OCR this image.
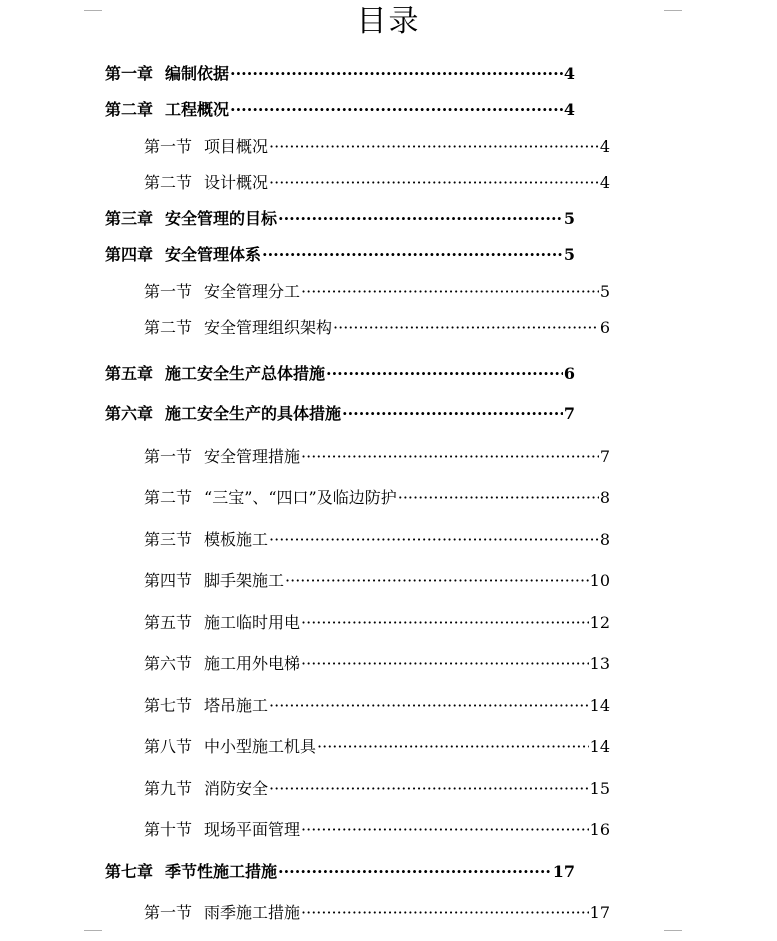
目录
第一章 编制依据 ·····	4
第二章 工程概况 ·····	4
第一节 项目概况 ·····	4
第二节 设计概况 ·····	4
第三章 安全管理的目标 ·····	5
第四章 安全管理体系 ·····	5
第一节 安全管理分工 ·····	5
第二节 安全管理组织架构 ·····	6
第五章 施工安全生产总体措施 ·····	6
第六章 施工安全生产的具体措施 ·····	7
第一节 安全管理措施 ·····	7
第二节 “三宝”、“四口”及临边防护 ·····	8
第三节 模板施工 ·····	8
第四节 脚手架施工 ·····	10
第五节 施工临时用电 ·····	12
第六节 施工用外电梯 ·····	13
第七节 塔吊施工 ·····	14
第八节 中小型施工机具 ·····	14
第九节 消防安全 ·····	15
第十节 现场平面管理 ·····	16
第七章 季节性施工措施 ·····	17
第一节 雨季施工措施 ·····	17
